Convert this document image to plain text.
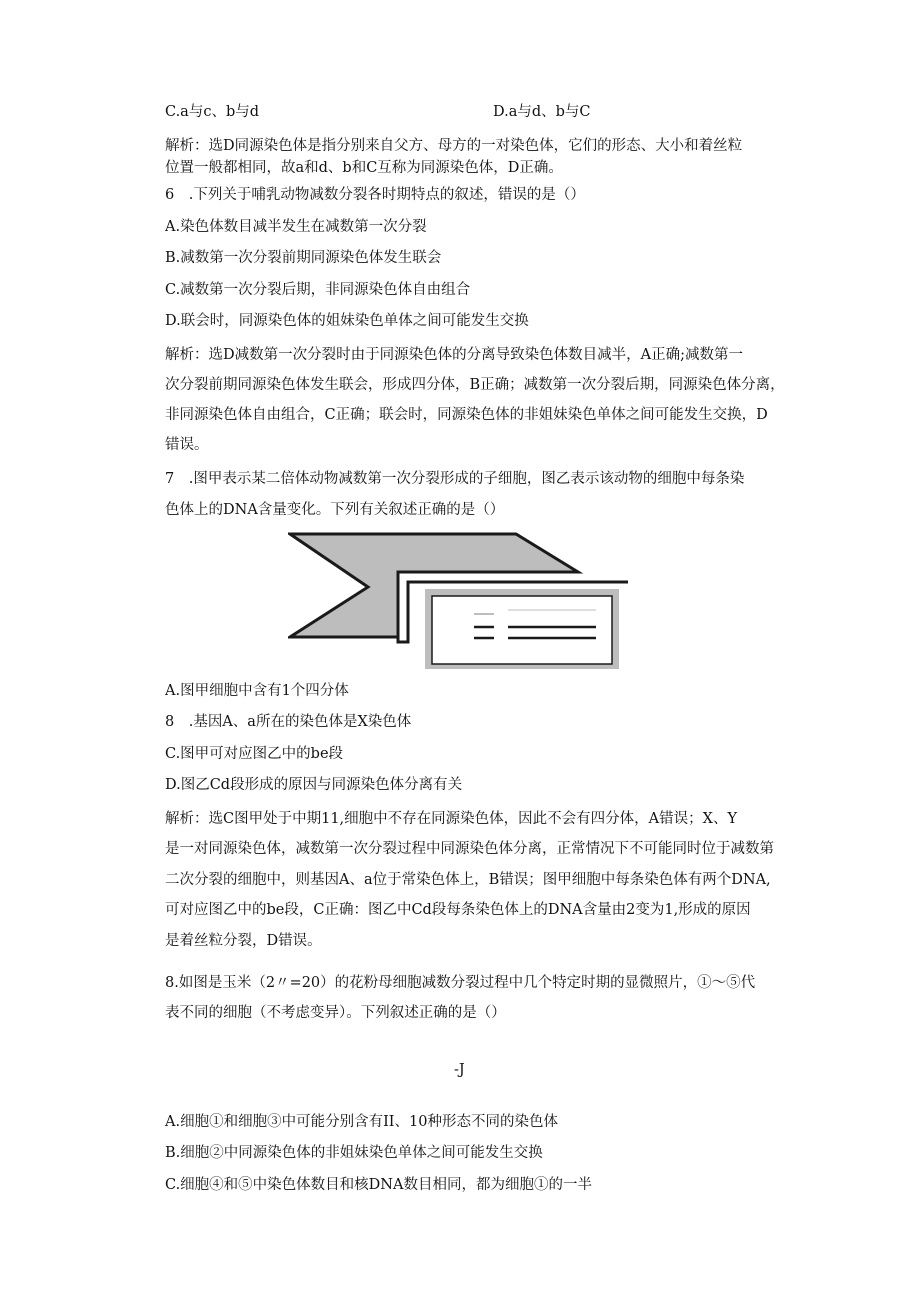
C.a与c、b与d	D.a与d、b与C
解析：选D同源染色体是指分别来自父方、母方的一对染色体，它们的形态、大小和着丝粒
位置一般都相同，故a和d、b和C互称为同源染色体，D正确。
6　.下列关于哺乳动物减数分裂各时期特点的叙述，错误的是（）
A.染色体数目减半发生在减数第一次分裂
B.减数第一次分裂前期同源染色体发生联会
C.减数第一次分裂后期，非同源染色体自由组合
D.联会时，同源染色体的姐妹染色单体之间可能发生交换
解析：选D减数第一次分裂时由于同源染色体的分离导致染色体数目减半，A正确;减数第一
次分裂前期同源染色体发生联会，形成四分体，B正确；减数第一次分裂后期，同源染色体分离，
非同源染色体自由组合，C正确；联会时，同源染色体的非姐妹染色单体之间可能发生交换，D
错误。
7　.图甲表示某二倍体动物减数第一次分裂形成的子细胞，图乙表示该动物的细胞中每条染
色体上的DNA含量变化。下列有关叙述正确的是（）
A.图甲细胞中含有1个四分体
8　.基因A、a所在的染色体是X染色体
C.图甲可对应图乙中的be段
D.图乙Cd段形成的原因与同源染色体分离有关
解析：选C图甲处于中期11,细胞中不存在同源染色体，因此不会有四分体，A错误；X、Y
是一对同源染色体，减数第一次分裂过程中同源染色体分离，正常情况下不可能同时位于减数第
二次分裂的细胞中，则基因A、a位于常染色体上，B错误；图甲细胞中每条染色体有两个DNA,
可对应图乙中的be段，C正确：图乙中Cd段每条染色体上的DNA含量由2变为1,形成的原因
是着丝粒分裂，D错误。
8.如图是玉米（2〃=20）的花粉母细胞减数分裂过程中几个特定时期的显微照片，①～⑤代
表不同的细胞（不考虑变异）。下列叙述正确的是（）
-J
A.细胞①和细胞③中可能分别含有II、10种形态不同的染色体
B.细胞②中同源染色体的非姐妹染色单体之间可能发生交换
C.细胞④和⑤中染色体数目和核DNA数目相同，都为细胞①的一半
